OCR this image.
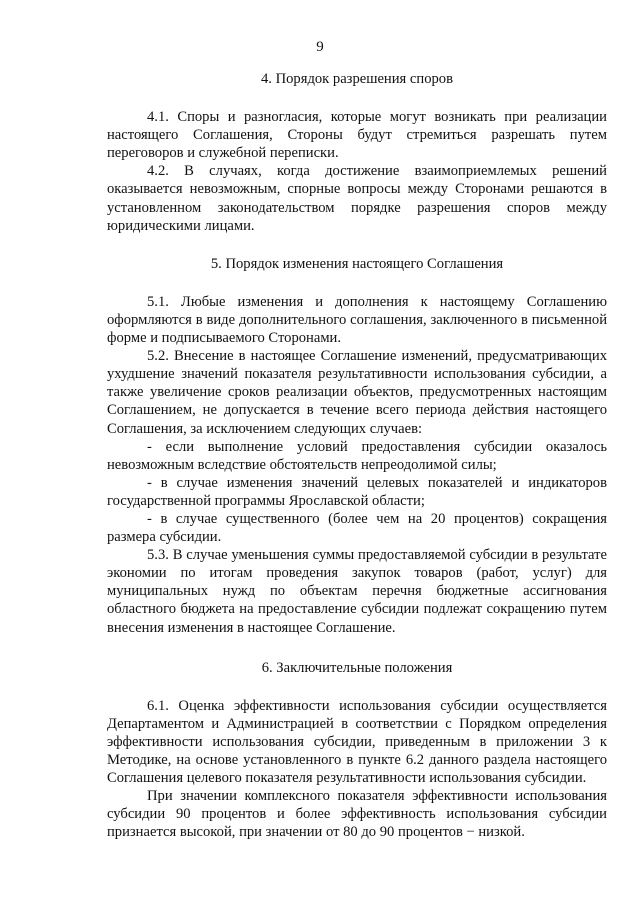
9
4. Порядок разрешения споров

4.1. Споры и разногласия, которые могут возникать при реализации настоящего Соглашения, Стороны будут стремиться разрешать путем переговоров и служебной переписки.

4.2. В случаях, когда достижение взаимоприемлемых решений оказывается невозможным, спорные вопросы между Сторонами решаются в установленном законодательством порядке разрешения споров между юридическими лицами.

5. Порядок изменения настоящего Соглашения

5.1. Любые изменения и дополнения к настоящему Соглашению оформляются в виде дополнительного соглашения, заключенного в письменной форме и подписываемого Сторонами.

5.2. Внесение в настоящее Соглашение изменений, предусматривающих ухудшение значений показателя результативности использования субсидии, а также увеличение сроков реализации объектов, предусмотренных настоящим Соглашением, не допускается в течение всего периода действия настоящего Соглашения, за исключением следующих случаев:

- если выполнение условий предоставления субсидии оказалось невозможным вследствие обстоятельств непреодолимой силы;

- в случае изменения значений целевых показателей и индикаторов государственной программы Ярославской области;

- в случае существенного (более чем на 20 процентов) сокращения размера субсидии.

5.3. В случае уменьшения суммы предоставляемой субсидии в результате экономии по итогам проведения закупок товаров (работ, услуг) для муниципальных нужд по объектам перечня бюджетные ассигнования областного бюджета на предоставление субсидии подлежат сокращению путем внесения изменения в настоящее Соглашение.

6. Заключительные положения

6.1. Оценка эффективности использования субсидии осуществляется Департаментом и Администрацией в соответствии с Порядком определения эффективности использования субсидии, приведенным в приложении 3 к Методике, на основе установленного в пункте 6.2 данного раздела настоящего Соглашения целевого показателя результативности использования субсидии.

При значении комплексного показателя эффективности использования субсидии 90 процентов и более эффективность использования субсидии признается высокой, при значении от 80 до 90 процентов − низкой.
